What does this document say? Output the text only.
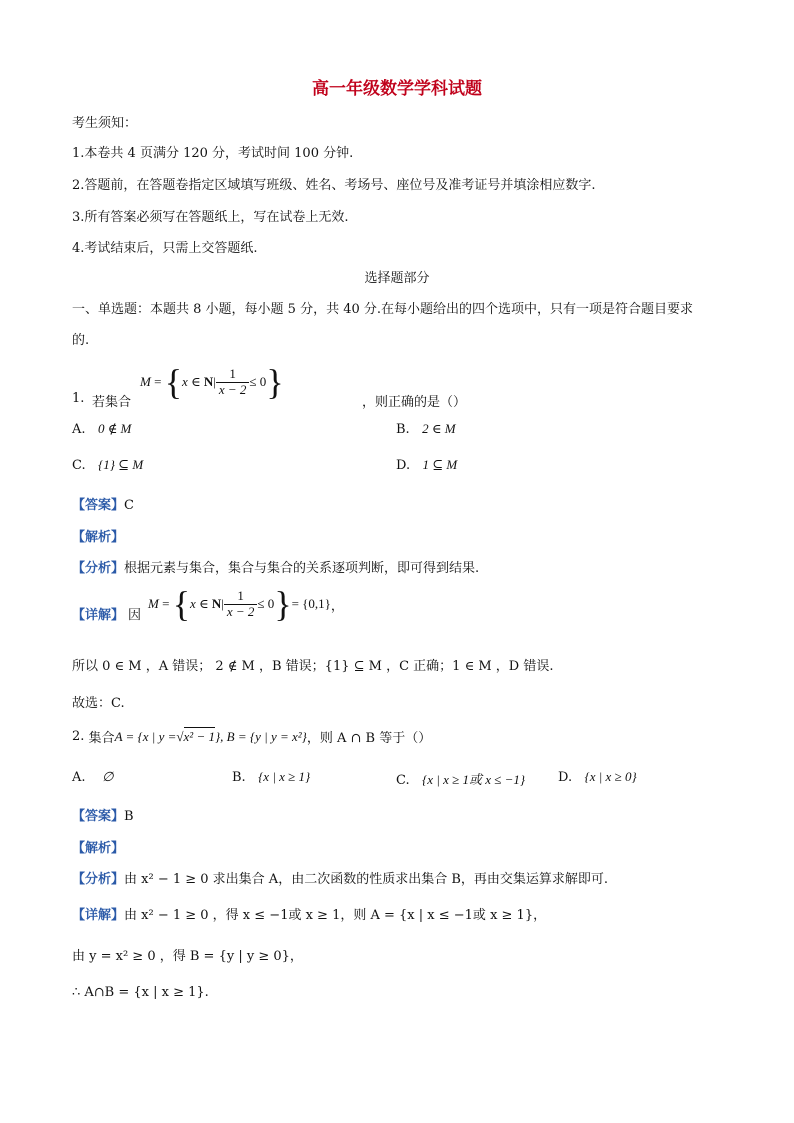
高一年级数学学科试题
考生须知：
1.本卷共 4 页满分 120 分，考试时间 100 分钟.
2.答题前，在答题卷指定区域填写班级、姓名、考场号、座位号及准考证号并填涂相应数字.
3.所有答案必须写在答题纸上，写在试卷上无效.
4.考试结束后，只需上交答题纸.
选择题部分
一、单选题：本题共 8 小题，每小题 5 分，共 40 分.在每小题给出的四个选项中，只有一项是符合题目要求
的.
1. 若集合
M = { x ∈ N | $\frac{1}{x - 2} \le 0$ }
，则正确的是（）
A. 0 ∉ M	B. 2 ∈ M
C. {1} ⊆ M	D. 1 ⊆ M
【答案】C
【解析】
【分析】根据元素与集合，集合与集合的关系逐项判断，即可得到结果.
【详解】 因
M = { x ∈ N | $\frac{1}{x - 2} \le 0$ } = {0,1} ，
所以 0 ∈ M ，A 错误； 2 ∉ M ，B 错误；{1} ⊆ M ，C 正确；1 ∈ M ，D 错误.
故选：C.
2.
集合 A = {x | y = √x² − 1 }, B = {y | y = x²} ，则 A ∩ B 等于（）
A. ∅	B. {x | x ≥ 1}	C. {x | x ≥ 1或 x ≤ −1}	D. {x | x ≥ 0}
【答案】B
【解析】
【分析】由 x² − 1 ≥ 0 求出集合 A，由二次函数的性质求出集合 B，再由交集运算求解即可.
【详解】由 x² − 1 ≥ 0 ，得 x ≤ −1或 x ≥ 1，则 A = {x | x ≤ −1或 x ≥ 1}，
由 y = x² ≥ 0 ，得 B = {y | y ≥ 0}，
∴ A∩B = {x | x ≥ 1}.
